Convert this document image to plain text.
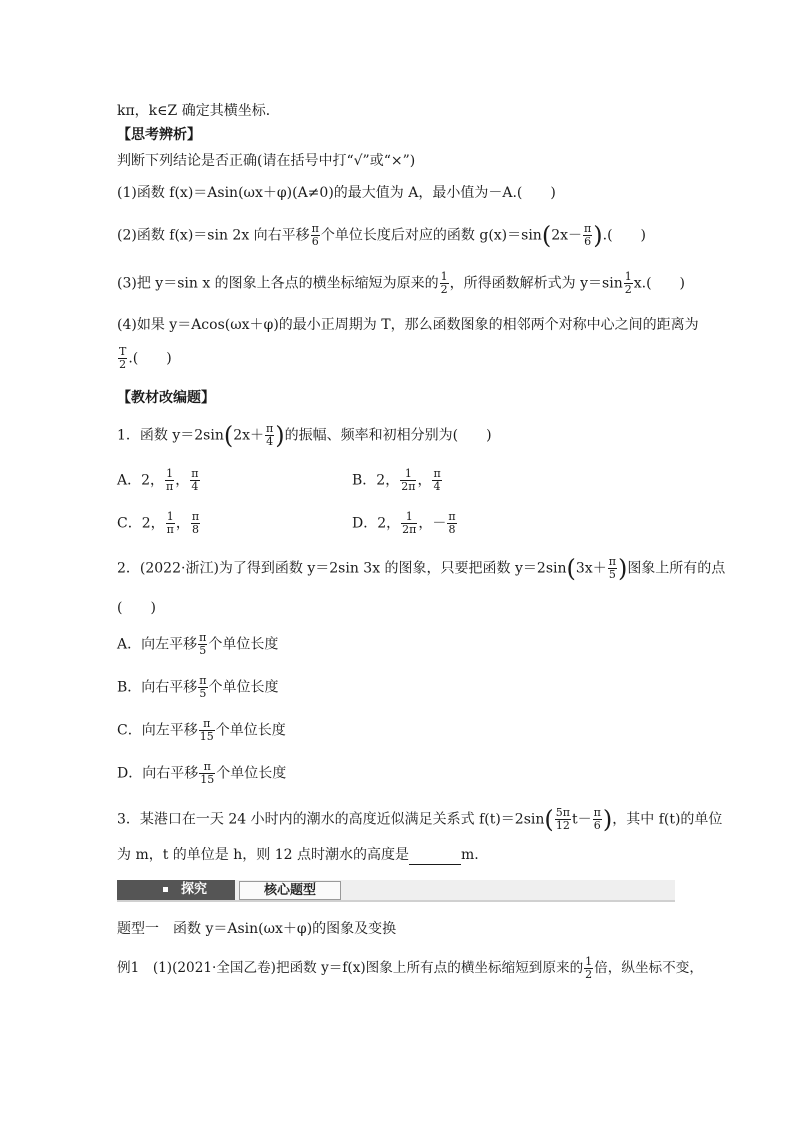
kπ，k∈Z 确定其横坐标．
【思考辨析】
判断下列结论是否正确(请在括号中打“√”或“×”)
(1)函数 f(x)＝Asin(ωx＋φ)(A≠0)的最大值为 A，最小值为－A.(　　)
(2)函数 f(x)＝sin 2x 向右平移 $\frac{\pi}{6}$ 个单位长度后对应的函数 $g(x)=\sin(2x- \frac{\pi}{6}$ ).(　　)
(3)把 y＝sin x 的图象上各点的横坐标缩短为原来的 $\frac{1}{2}$ ，所得函数解析式为 $y=\sin \frac{1}{2} x$.(　　)
(4)如果 y＝Acos(ωx＋φ)的最小正周期为 T，那么函数图象的相邻两个对称中心之间的距离为
$\frac{T}{2}$ .(　　)
【教材改编题】
1．函数 $y=2\sin(2x+ \frac{\pi}{4}$ )的振幅、频率和初相分别为(　　)
A．2， $\frac{1}{\pi}$ ， $\frac{\pi}{4}$	B．2， $\frac{1}{2\pi}$ ， $\frac{\pi}{4}$
C．2， $\frac{1}{\pi}$ ， $\frac{\pi}{8}$	D．2， $\frac{1}{2\pi}$ ，－ $\frac{\pi}{8}$
2．(2022·浙江)为了得到函数 y＝2sin 3x 的图象，只要把函数 $y=2\sin(3x+ \frac{\pi}{5}$ )图象上所有的点
(　　)
A．向左平移 $\frac{\pi}{5}$ 个单位长度
B．向右平移 $\frac{\pi}{5}$ 个单位长度
C．向左平移 $\frac{\pi}{15}$ 个单位长度
D．向右平移 $\frac{\pi}{15}$ 个单位长度
3．某港口在一天 24 小时内的潮水的高度近似满足关系式 $f(t)=2\sin( \frac{5\pi}{12} t- \frac{\pi}{6}$ )，其中 f(t)的单位
为 m，t 的单位是 h，则 12 点时潮水的高度是	m.
探究	核心题型
题型一　函数 y＝Asin(ωx＋φ)的图象及变换
例1　(1)(2021·全国乙卷)把函数 y＝f(x)图象上所有点的横坐标缩短到原来的 $\frac{1}{2}$ 倍，纵坐标不变，
